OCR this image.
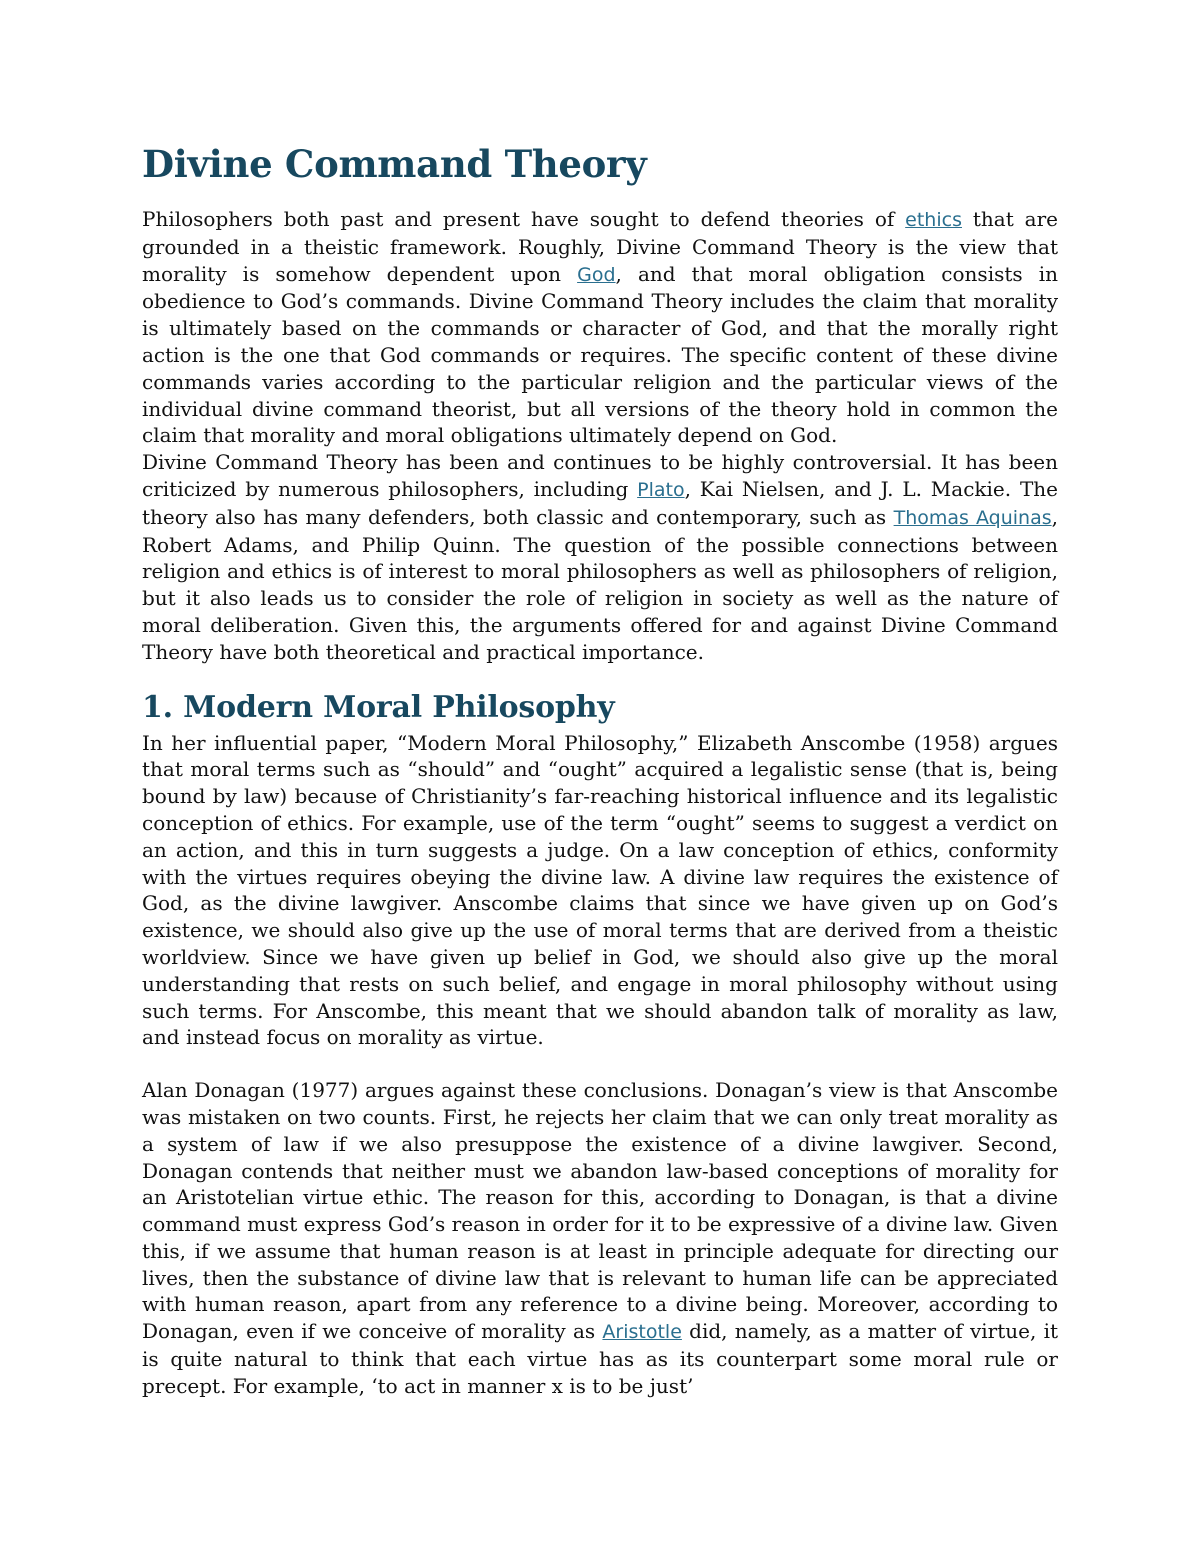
Divine Command Theory

Philosophers both past and present have sought to defend theories of ethics that are grounded in a theistic framework. Roughly, Divine Command Theory is the view that morality is somehow dependent upon God, and that moral obligation consists in obedience to God’s commands. Divine Command Theory includes the claim that morality is ultimately based on the commands or character of God, and that the morally right action is the one that God commands or requires. The specific content of these divine commands varies according to the particular religion and the particular views of the individual divine command theorist, but all versions of the theory hold in common the claim that morality and moral obligations ultimately depend on God.

Divine Command Theory has been and continues to be highly controversial. It has been criticized by numerous philosophers, including Plato, Kai Nielsen, and J. L. Mackie. The theory also has many defenders, both classic and contemporary, such as Thomas Aquinas, Robert Adams, and Philip Quinn. The question of the possible connections between religion and ethics is of interest to moral philosophers as well as philosophers of religion, but it also leads us to consider the role of religion in society as well as the nature of moral deliberation. Given this, the arguments offered for and against Divine Command Theory have both theoretical and practical importance.

1. Modern Moral Philosophy

In her influential paper, “Modern Moral Philosophy,” Elizabeth Anscombe (1958) argues that moral terms such as “should” and “ought” acquired a legalistic sense (that is, being bound by law) because of Christianity’s far-reaching historical influence and its legalistic conception of ethics. For example, use of the term “ought” seems to suggest a verdict on an action, and this in turn suggests a judge. On a law conception of ethics, conformity with the virtues requires obeying the divine law. A divine law requires the existence of God, as the divine lawgiver. Anscombe claims that since we have given up on God’s existence, we should also give up the use of moral terms that are derived from a theistic worldview. Since we have given up belief in God, we should also give up the moral understanding that rests on such belief, and engage in moral philosophy without using such terms. For Anscombe, this meant that we should abandon talk of morality as law, and instead focus on morality as virtue.

Alan Donagan (1977) argues against these conclusions. Donagan’s view is that Anscombe was mistaken on two counts. First, he rejects her claim that we can only treat morality as a system of law if we also presuppose the existence of a divine lawgiver. Second, Donagan contends that neither must we abandon law-based conceptions of morality for an Aristotelian virtue ethic. The reason for this, according to Donagan, is that a divine command must express God’s reason in order for it to be expressive of a divine law. Given this, if we assume that human reason is at least in principle adequate for directing our lives, then the substance of divine law that is relevant to human life can be appreciated with human reason, apart from any reference to a divine being. Moreover, according to Donagan, even if we conceive of morality as Aristotle did, namely, as a matter of virtue, it is quite natural to think that each virtue has as its counterpart some moral rule or precept. For example, ‘to act in manner x is to be just’
